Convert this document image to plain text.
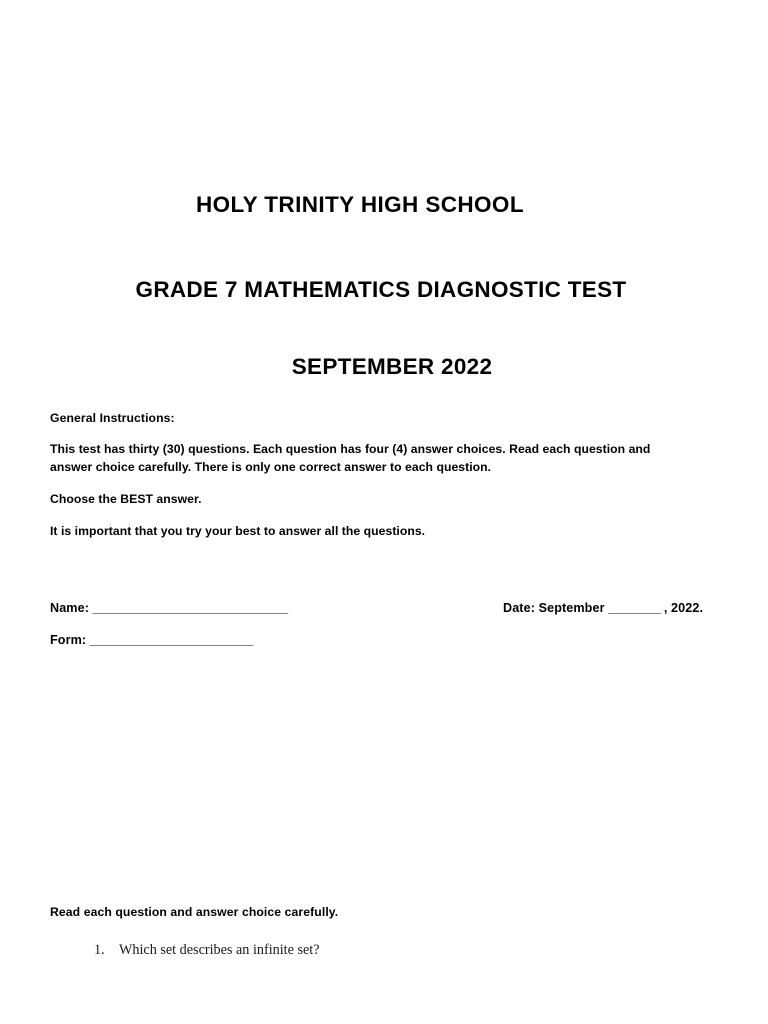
HOLY TRINITY HIGH SCHOOL
GRADE 7 MATHEMATICS DIAGNOSTIC TEST
SEPTEMBER 2022

General Instructions:

This test has thirty (30) questions. Each question has four (4) answer choices. Read each question and answer choice carefully. There is only one correct answer to each question.

Choose the BEST answer.

It is important that you try your best to answer all the questions.

Name: ______________________________	Date: September ________ , 2022.
Form: _________________________
Read each question and answer choice carefully.
1. Which set describes an infinite set?
